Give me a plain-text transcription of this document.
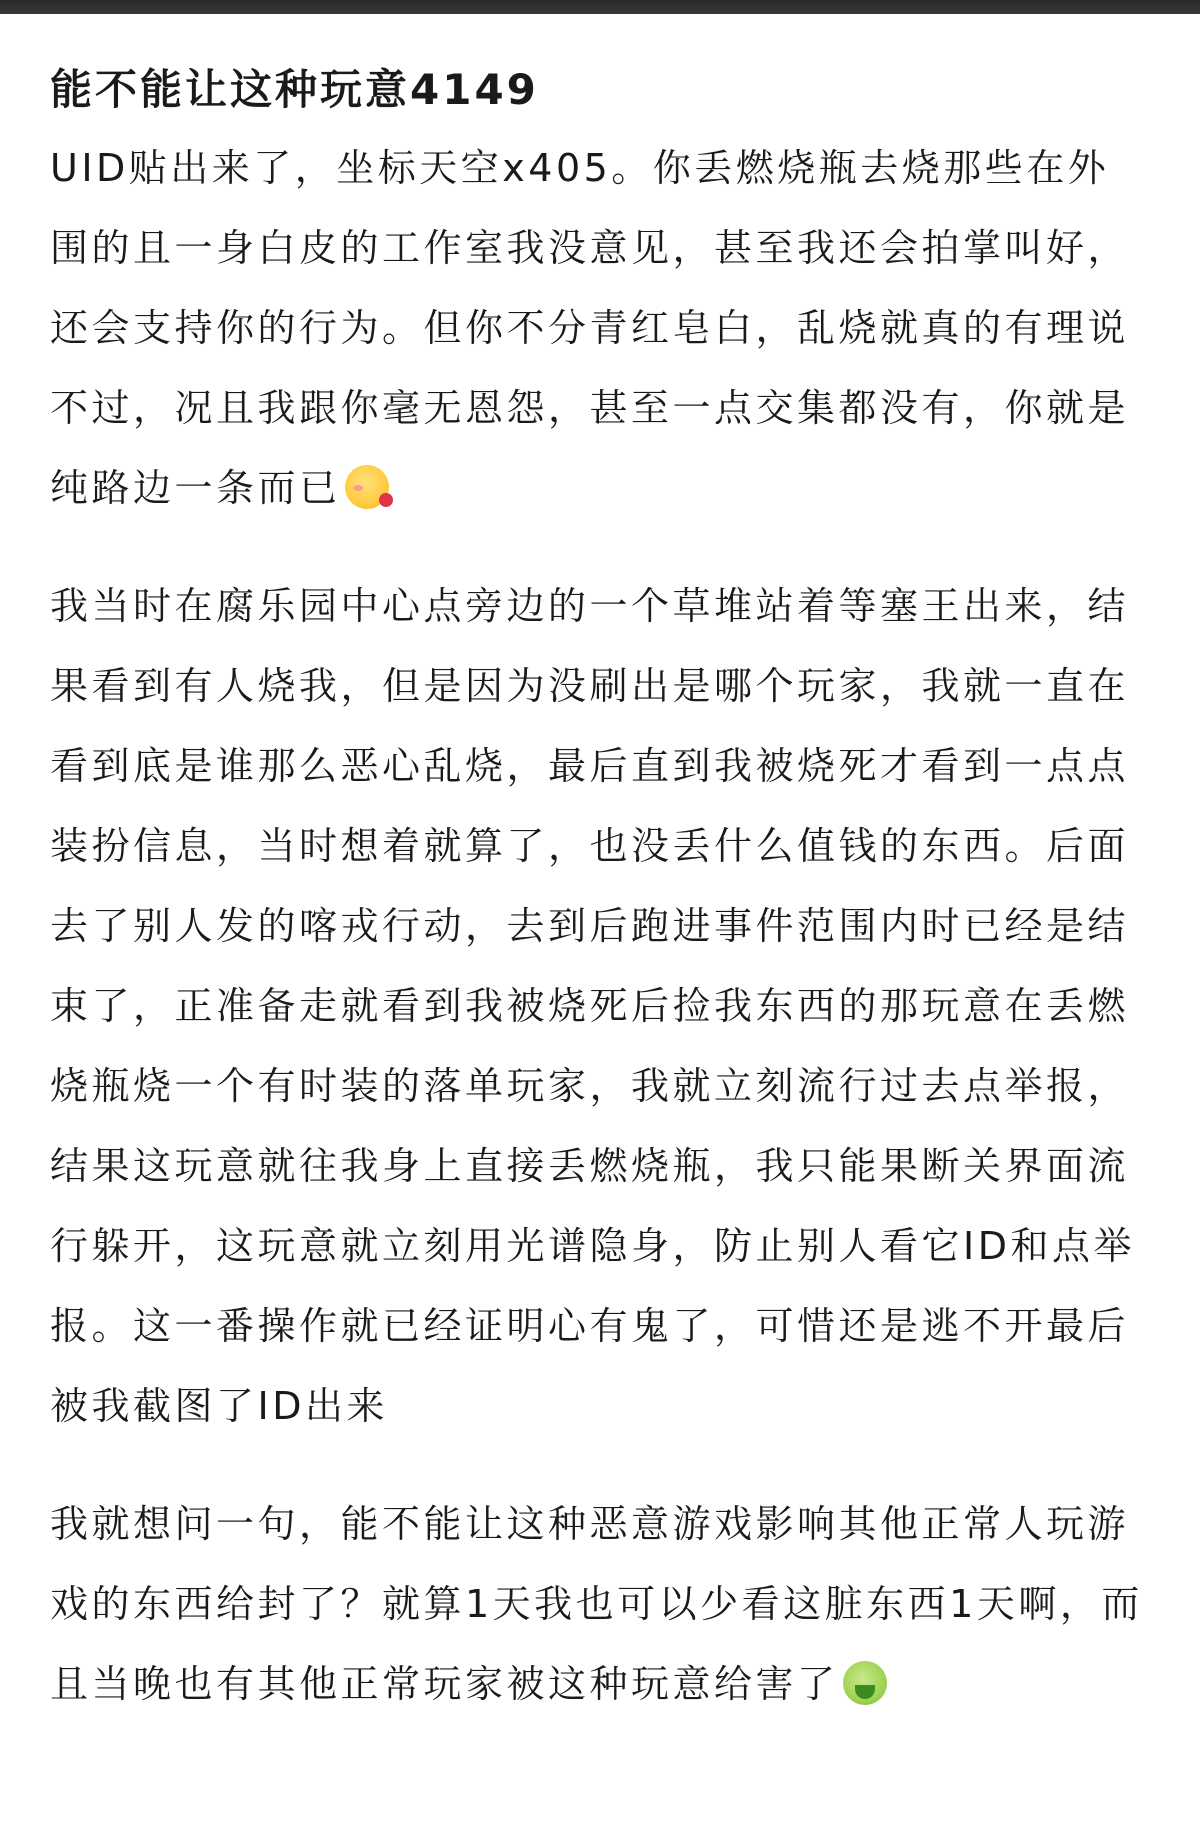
能不能让这种玩意4149
UID贴出来了，坐标天空x405。你丢燃烧瓶去烧那些在外围的且一身白皮的工作室我没意见，甚至我还会拍掌叫好，还会支持你的行为。但你不分青红皂白，乱烧就真的有理说不过，况且我跟你毫无恩怨，甚至一点交集都没有，你就是纯路边一条而已
我当时在腐乐园中心点旁边的一个草堆站着等塞王出来，结果看到有人烧我，但是因为没刷出是哪个玩家，我就一直在看到底是谁那么恶心乱烧，最后直到我被烧死才看到一点点装扮信息，当时想着就算了，也没丢什么值钱的东西。后面去了别人发的喀戎行动，去到后跑进事件范围内时已经是结束了，正准备走就看到我被烧死后捡我东西的那玩意在丢燃烧瓶烧一个有时装的落单玩家，我就立刻流行过去点举报，结果这玩意就往我身上直接丢燃烧瓶，我只能果断关界面流行躲开，这玩意就立刻用光谱隐身，防止别人看它ID和点举报。这一番操作就已经证明心有鬼了，可惜还是逃不开最后被我截图了ID出来
我就想问一句，能不能让这种恶意游戏影响其他正常人玩游戏的东西给封了？就算1天我也可以少看这脏东西1天啊，而且当晚也有其他正常玩家被这种玩意给害了
